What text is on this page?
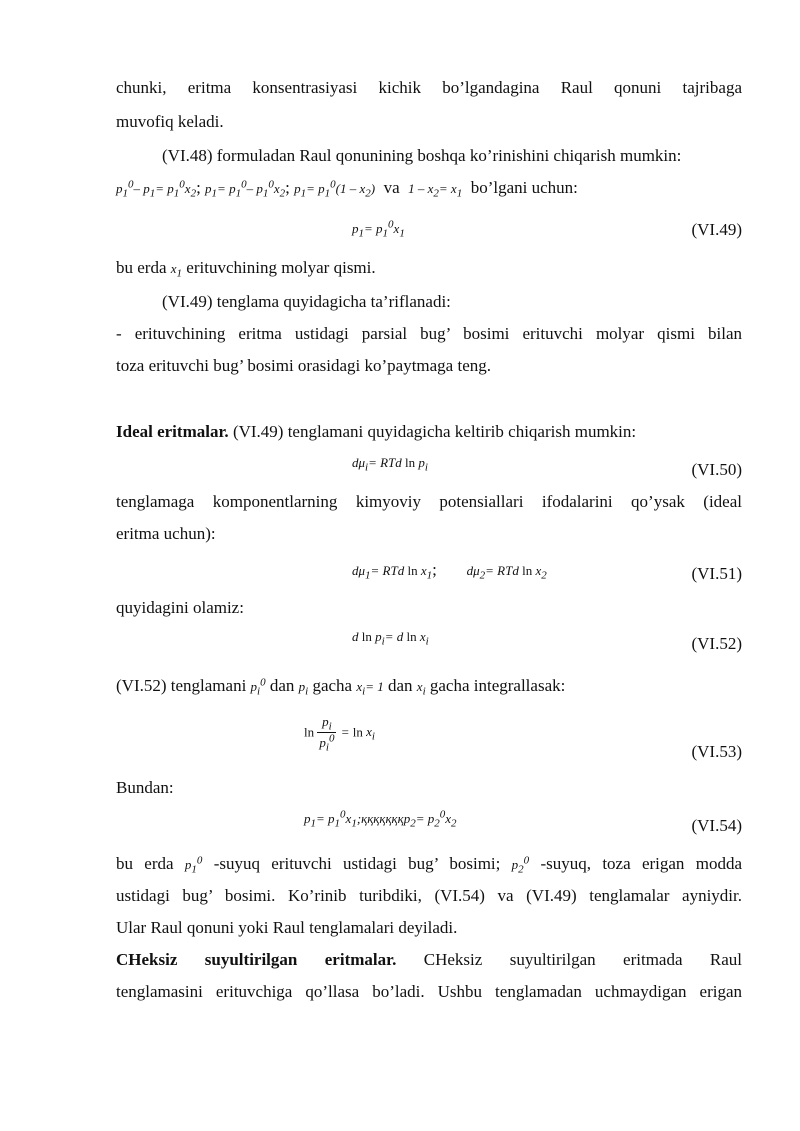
chunki, eritma konsentrasiyasi kichik bo’lgandagina Raul qonuni tajribaga
muvofiq keladi.
(VI.48) formuladan Raul qonunining boshqa ko’rinishini chiqarish mumkin:
$p_1^0-$ $p_1= p_1^0x_2$; $p_1= p_1^0-$ $p_1^0x_2$; $p_1= p_1^0(1 - x_2)$ va $1 - x_2= x_1$ bo’lgani uchun:
$p_1= p_1^0x_1$	(VI.49)
bu erda $x_1$ erituvchining molyar qismi.
(VI.49) tenglama quyidagicha ta’riflanadi:
- erituvchining eritma ustidagi parsial bug’ bosimi erituvchi molyar qismi bilan
toza erituvchi bug’ bosimi orasidagi ko’paytmaga teng.
Ideal eritmalar. (VI.49) tenglamani quyidagicha keltirib chiqarish mumkin:
$d\mu_i=$ RTd $\ln p_i$	(VI.50)
tenglamaga komponentlarning kimyoviy potensiallari ifodalarini qo’ysak (ideal
eritma uchun):
$d\mu_1=$ RTd $\ln x_1$;       $d\mu_2=$ RTd $\ln x_2$	(VI.51)
quyidagini olamiz:
d $\ln p_i= d$ $\ln x_i$	(VI.52)
(VI.52) tenglamani $p_i^0$ dan $p_i$ gacha $x_i= 1$ dan $x_i$ gacha integrallasak:
$\ln \frac{p_i}{p_i^0} = \ln x_i$
(VI.53)
Bundan:
$p_1=$ $p_1^0x_1;қққққққp_2= p_2^0x_2$	(VI.54)
bu erda $p_1^0$ -suyuq erituvchi ustidagi bug’ bosimi; $p_2^0$ -suyuq, toza erigan modda
ustidagi bug’ bosimi. Ko’rinib turibdiki, (VI.54) va (VI.49) tenglamalar ayniydir.
Ular Raul qonuni yoki Raul tenglamalari deyiladi.
CHeksiz suyultirilgan eritmalar. CHeksiz suyultirilgan eritmada Raul
tenglamasini erituvchiga qo’llasa bo’ladi. Ushbu tenglamadan uchmaydigan erigan
